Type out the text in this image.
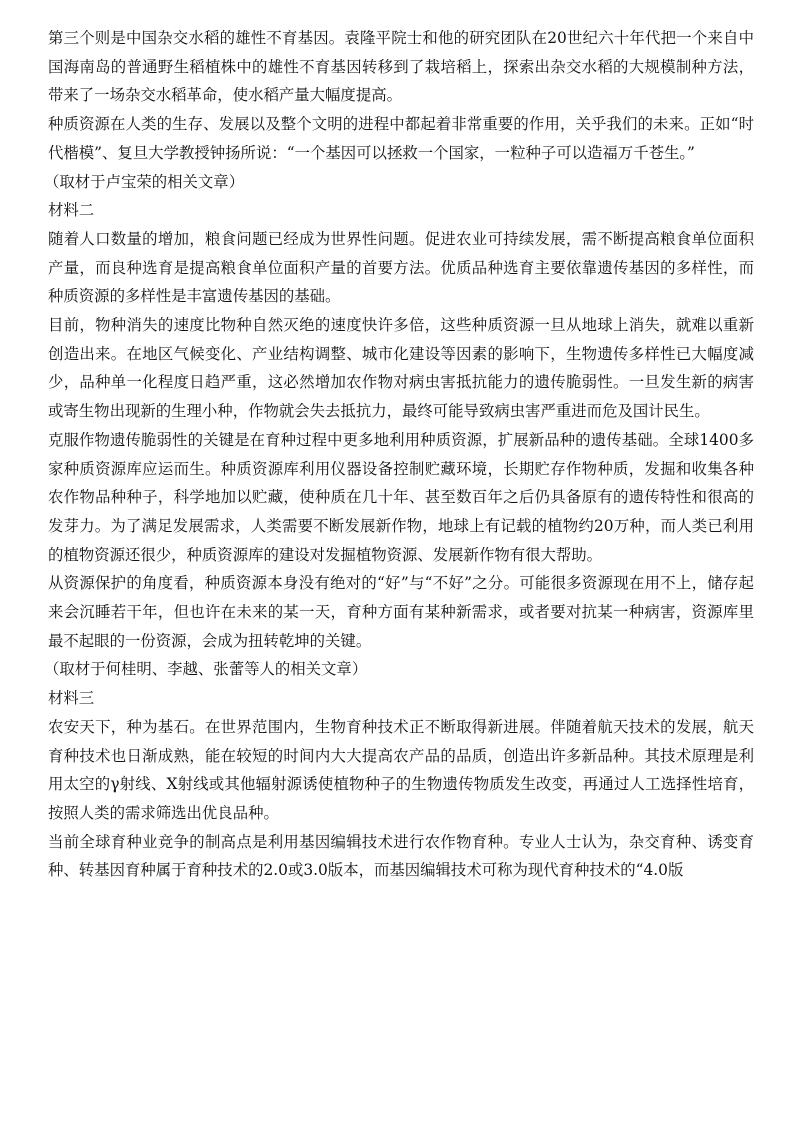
第三个则是中国杂交水稻的雄性不育基因。袁隆平院士和他的研究团队在20世纪六十年代把一个来自中国海南岛的普通野生稻植株中的雄性不育基因转移到了栽培稻上，探索出杂交水稻的大规模制种方法，带来了一场杂交水稻革命，使水稻产量大幅度提高。

种质资源在人类的生存、发展以及整个文明的进程中都起着非常重要的作用，关乎我们的未来。正如“时代楷模”、复旦大学教授钟扬所说：“一个基因可以拯救一个国家，一粒种子可以造福万千苍生。”

（取材于卢宝荣的相关文章）

材料二

随着人口数量的增加，粮食问题已经成为世界性问题。促进农业可持续发展，需不断提高粮食单位面积产量，而良种选育是提高粮食单位面积产量的首要方法。优质品种选育主要依靠遗传基因的多样性，而种质资源的多样性是丰富遗传基因的基础。

目前，物种消失的速度比物种自然灭绝的速度快许多倍，这些种质资源一旦从地球上消失，就难以重新创造出来。在地区气候变化、产业结构调整、城市化建设等因素的影响下，生物遗传多样性已大幅度减少，品种单一化程度日趋严重，这必然增加农作物对病虫害抵抗能力的遗传脆弱性。一旦发生新的病害或寄生物出现新的生理小种，作物就会失去抵抗力，最终可能导致病虫害严重进而危及国计民生。

克服作物遗传脆弱性的关键是在育种过程中更多地利用种质资源，扩展新品种的遗传基础。全球1400多家种质资源库应运而生。种质资源库利用仪器设备控制贮藏环境，长期贮存作物种质，发掘和收集各种农作物品种种子，科学地加以贮藏，使种质在几十年、甚至数百年之后仍具备原有的遗传特性和很高的发芽力。为了满足发展需求，人类需要不断发展新作物，地球上有记载的植物约20万种，而人类已利用的植物资源还很少，种质资源库的建设对发掘植物资源、发展新作物有很大帮助。

从资源保护的角度看，种质资源本身没有绝对的“好”与“不好”之分。可能很多资源现在用不上，储存起来会沉睡若干年，但也许在未来的某一天，育种方面有某种新需求，或者要对抗某一种病害，资源库里最不起眼的一份资源，会成为扭转乾坤的关键。

（取材于何桂明、李越、张蕾等人的相关文章）

材料三

农安天下，种为基石。在世界范围内，生物育种技术正不断取得新进展。伴随着航天技术的发展，航天育种技术也日渐成熟，能在较短的时间内大大提高农产品的品质，创造出许多新品种。其技术原理是利用太空的γ射线、X射线或其他辐射源诱使植物种子的生物遗传物质发生改变，再通过人工选择性培育，按照人类的需求筛选出优良品种。

当前全球育种业竞争的制高点是利用基因编辑技术进行农作物育种。专业人士认为，杂交育种、诱变育种、转基因育种属于育种技术的2.0或3.0版本，而基因编辑技术可称为现代育种技术的“4.0版
